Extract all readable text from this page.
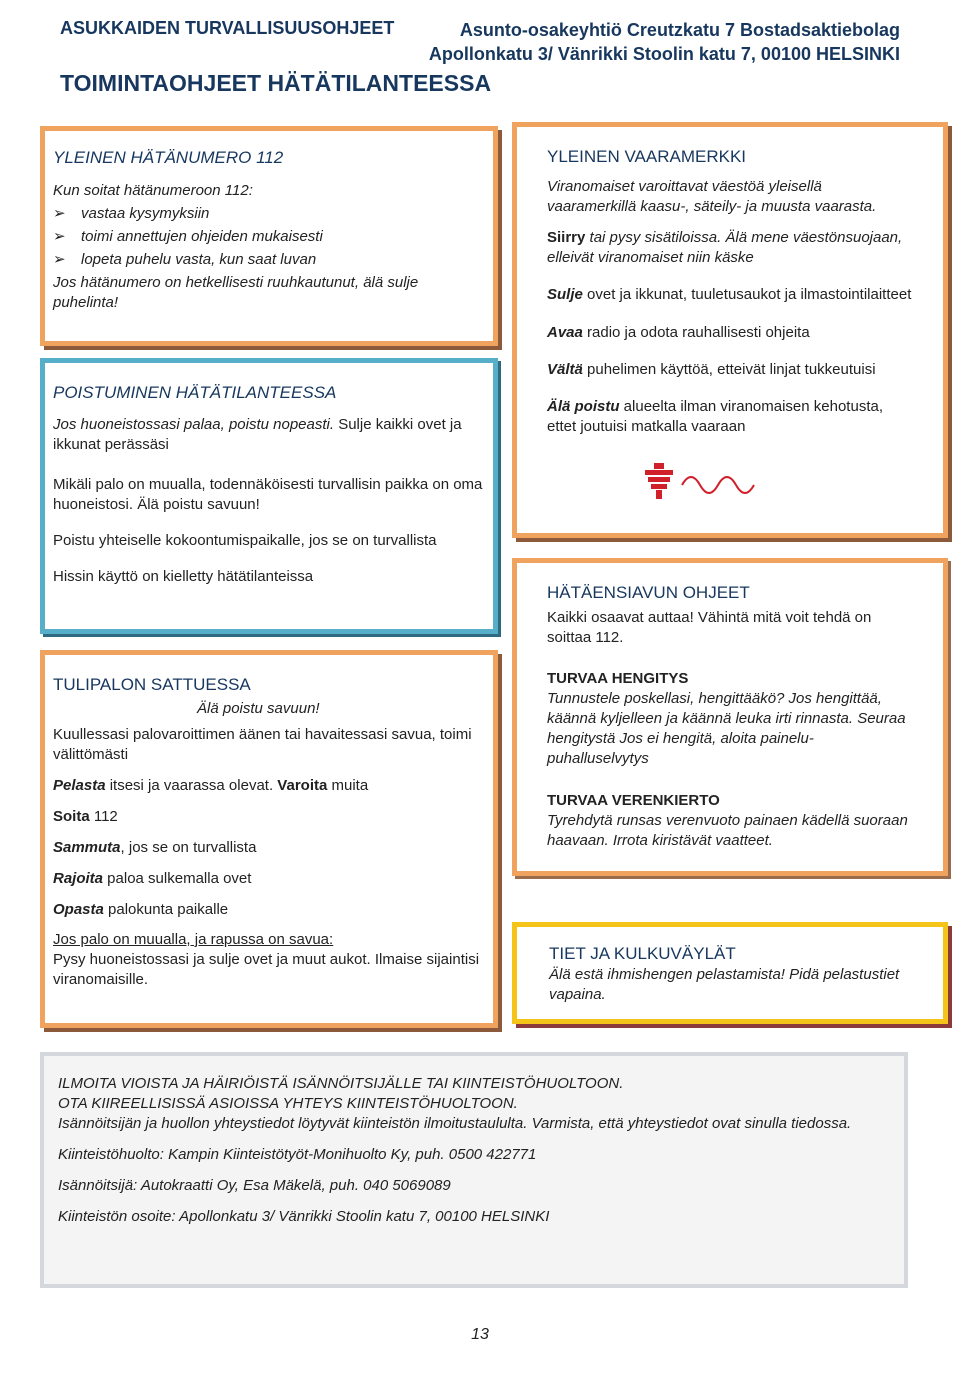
ASUKKAIDEN TURVALLISUUSOHJEET	Asunto-osakeyhtiö Creutzkatu 7 Bostadsaktiebolag
Apollonkatu 3/ Vänrikki Stoolin katu 7, 00100 HELSINKI
TOIMINTAOHJEET HÄTÄTILANTEESSA
YLEINEN HÄTÄNUMERO 112
Kun soitat hätänumeroon 112:
➢ vastaa kysymyksiin
➢ toimi annettujen ohjeiden mukaisesti
➢ lopeta puhelu vasta, kun saat luvan
Jos hätänumero on hetkellisesti ruuhkautunut, älä sulje puhelinta!
POISTUMINEN HÄTÄTILANTEESSA
Jos huoneistossasi palaa, poistu nopeasti. Sulje kaikki ovet ja ikkunat perässäsi
Mikäli palo on muualla, todennäköisesti turvallisin paikka on oma huoneistosi. Älä poistu savuun!
Poistu yhteiselle kokoontumispaikalle, jos se on turvallista
Hissin käyttö on kielletty hätätilanteissa
TULIPALON SATTUESSA
Älä poistu savuun!
Kuullessasi palovaroittimen äänen tai havaitessasi savua, toimi välittömästi
Pelasta itsesi ja vaarassa olevat. Varoita muita
Soita 112
Sammuta, jos se on turvallista
Rajoita paloa sulkemalla ovet
Opasta palokunta paikalle
Jos palo on muualla, ja rapussa on savua:
Pysy huoneistossasi ja sulje ovet ja muut aukot. Ilmaise sijaintisi viranomaisille.
YLEINEN VAARAMERKKI
Viranomaiset varoittavat väestöä yleisellä vaaramerkillä kaasu-, säteily- ja muusta vaarasta.
Siirry tai pysy sisätiloissa. Älä mene väestönsuojaan, elleivät viranomaiset niin käske
Sulje ovet ja ikkunat, tuuletusaukot ja ilmastointilaitteet
Avaa radio ja odota rauhallisesti ohjeita
Vältä puhelimen käyttöä, etteivät linjat tukkeutuisi
Älä poistu alueelta ilman viranomaisen kehotusta, ettet joutuisi matkalla vaaraan
HÄTÄENSIAVUN OHJEET
Kaikki osaavat auttaa! Vähintä mitä voit tehdä on soittaa 112.
TURVAA HENGITYS
Tunnustele poskellasi, hengittääkö? Jos hengittää, käännä kyljelleen ja käännä leuka irti rinnasta. Seuraa hengitystä Jos ei hengitä, aloita painelu-puhalluselvytys
TURVAA VERENKIERTO
Tyrehdytä runsas verenvuoto painaen kädellä suoraan haavaan. Irrota kiristävät vaatteet.
TIET JA KULKUVÄYLÄT
Älä estä ihmishengen pelastamista! Pidä pelastustiet vapaina.
ILMOITA VIOISTA JA HÄIRIÖISTÄ ISÄNNÖITSIJÄLLE TAI KIINTEISTÖHUOLTOON.
OTA KIIREELLISISSÄ ASIOISSA YHTEYS KIINTEISTÖHUOLTOON.
Isännöitsijän ja huollon yhteystiedot löytyvät kiinteistön ilmoitustaululta. Varmista, että yhteystiedot ovat sinulla tiedossa.
Kiinteistöhuolto: Kampin Kiinteistötyöt-Monihuolto Ky, puh. 0500 422771
Isännöitsijä: Autokraatti Oy, Esa Mäkelä, puh. 040 5069089
Kiinteistön osoite: Apollonkatu 3/ Vänrikki Stoolin katu 7, 00100 HELSINKI
13
